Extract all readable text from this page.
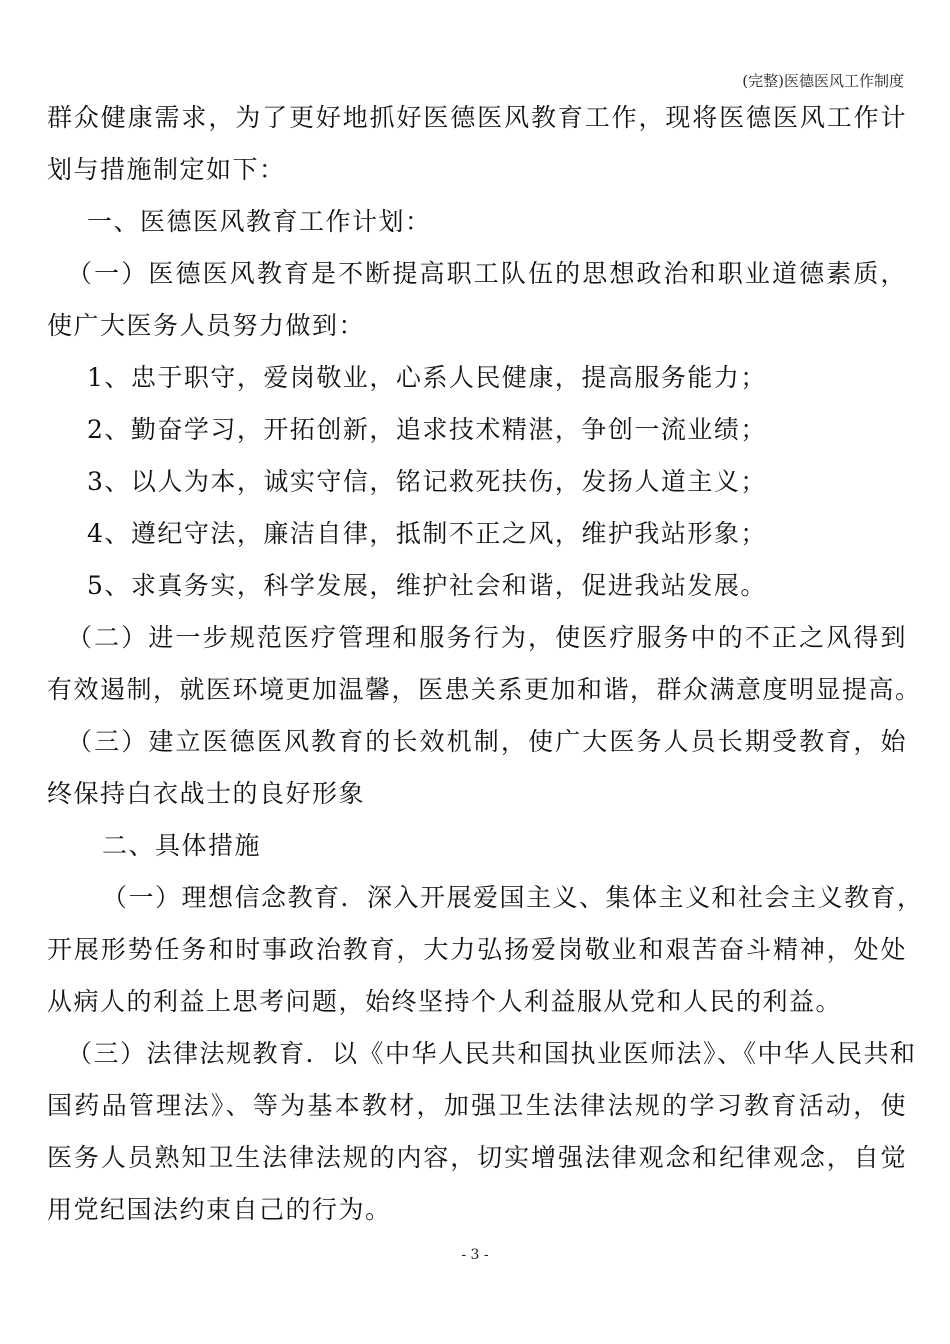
(完整)医德医风工作制度
群众健康需求，为了更好地抓好医德医风教育工作，现将医德医风工作计
划与措施制定如下：
一、医德医风教育工作计划：
（一）医德医风教育是不断提高职工队伍的思想政治和职业道德素质，
使广大医务人员努力做到：
1、忠于职守，爱岗敬业，心系人民健康，提高服务能力；
2、勤奋学习，开拓创新，追求技术精湛，争创一流业绩；
3、以人为本，诚实守信，铭记救死扶伤，发扬人道主义；
4、遵纪守法，廉洁自律，抵制不正之风，维护我站形象；
5、求真务实，科学发展，维护社会和谐，促进我站发展。
（二）进一步规范医疗管理和服务行为，使医疗服务中的不正之风得到
有效遏制，就医环境更加温馨，医患关系更加和谐，群众满意度明显提高。
（三）建立医德医风教育的长效机制，使广大医务人员长期受教育，始
终保持白衣战士的良好形象
二、具体措施
（一）理想信念教育．深入开展爱国主义、集体主义和社会主义教育，
开展形势任务和时事政治教育，大力弘扬爱岗敬业和艰苦奋斗精神，处处
从病人的利益上思考问题，始终坚持个人利益服从党和人民的利益。
（三）法律法规教育．以《中华人民共和国执业医师法》、《中华人民共和
国药品管理法》、等为基本教材，加强卫生法律法规的学习教育活动，使
医务人员熟知卫生法律法规的内容，切实增强法律观念和纪律观念，自觉
用党纪国法约束自己的行为。
- 3 -
